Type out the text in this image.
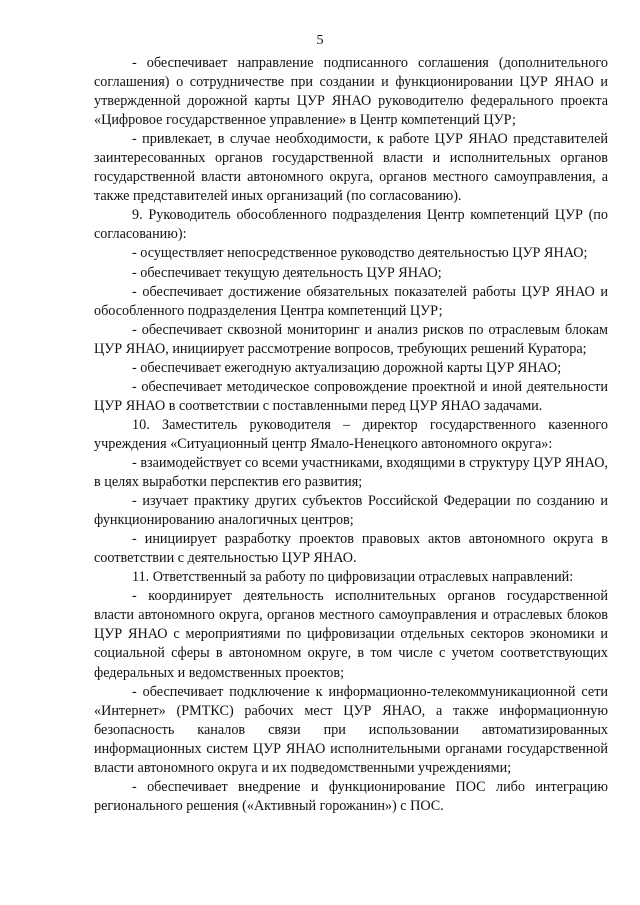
5

- обеспечивает направление подписанного соглашения (дополнительного соглашения) о сотрудничестве при создании и функционировании ЦУР ЯНАО и утвержденной дорожной карты ЦУР ЯНАО руководителю федерального проекта «Цифровое государственное управление» в Центр компетенций ЦУР;

- привлекает, в случае необходимости, к работе ЦУР ЯНАО представителей заинтересованных органов государственной власти и исполнительных органов государственной власти автономного округа, органов местного самоуправления, а также представителей иных организаций (по согласованию).

9. Руководитель обособленного подразделения Центр компетенций ЦУР (по согласованию):

- осуществляет непосредственное руководство деятельностью ЦУР ЯНАО;

- обеспечивает текущую деятельность ЦУР ЯНАО;

- обеспечивает достижение обязательных показателей работы ЦУР ЯНАО и обособленного подразделения Центра компетенций ЦУР;

- обеспечивает сквозной мониторинг и анализ рисков по отраслевым блокам ЦУР ЯНАО, инициирует рассмотрение вопросов, требующих решений Куратора;

- обеспечивает ежегодную актуализацию дорожной карты ЦУР ЯНАО;

- обеспечивает методическое сопровождение проектной и иной деятельности ЦУР ЯНАО в соответствии с поставленными перед ЦУР ЯНАО задачами.

10. Заместитель руководителя – директор государственного казенного учреждения «Ситуационный центр Ямало-Ненецкого автономного округа»:

- взаимодействует со всеми участниками, входящими в структуру ЦУР ЯНАО, в целях выработки перспектив его развития;

- изучает практику других субъектов Российской Федерации по созданию и функционированию аналогичных центров;

- инициирует разработку проектов правовых актов автономного округа в соответствии с деятельностью ЦУР ЯНАО.

11. Ответственный за работу по цифровизации отраслевых направлений:

- координирует деятельность исполнительных органов государственной власти автономного округа, органов местного самоуправления и отраслевых блоков ЦУР ЯНАО с мероприятиями по цифровизации отдельных секторов экономики и социальной сферы в автономном округе, в том числе с учетом соответствующих федеральных и ведомственных проектов;

- обеспечивает подключение к информационно-телекоммуникационной сети «Интернет» (РМТКС) рабочих мест ЦУР ЯНАО, а также информационную безопасность каналов связи при использовании автоматизированных информационных систем ЦУР ЯНАО исполнительными органами государственной власти автономного округа и их подведомственными учреждениями;

- обеспечивает внедрение и функционирование ПОС либо интеграцию регионального решения («Активный горожанин») с ПОС.
